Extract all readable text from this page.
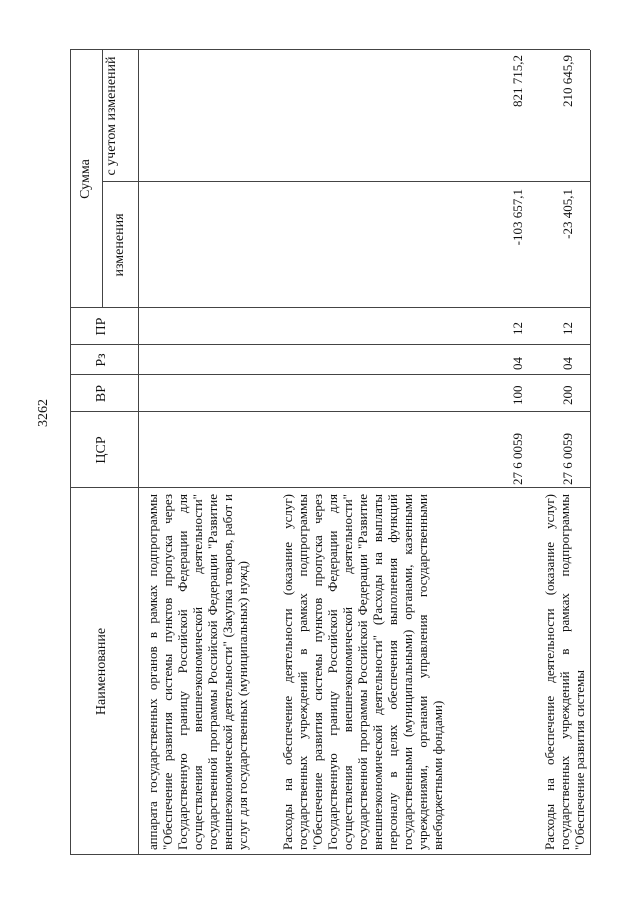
3262
Наименование
ЦСР
ВР
Рз
ПР
Сумма
изменения
с учетом изменений
аппарата государственных органов в рамках подпрограммы "Обеспечение развития системы пунктов пропуска через Государственную границу Российской Федерации для осуществления внешнеэкономической деятельности" государственной программы Российской Федерации "Развитие внешнеэкономической деятельности" (Закупка товаров, работ и услуг для государственных (муниципальных) нужд) Расходы на обеспечение деятельности (оказание услуг) государственных учреждений в рамках подпрограммы "Обеспечение развития системы пунктов пропуска через Государственную границу Российской Федерации для осуществления внешнеэкономической деятельности" государственной программы Российской Федерации "Развитие внешнеэкономической деятельности" (Расходы на выплаты персоналу в целях обеспечения выполнения функций государственными (муниципальными) органами, казенными учреждениями, органами управления государственными внебюджетными фондами)
27 6 0059
100
04
12
-103 657,1
821 715,2
Расходы на обеспечение деятельности (оказание услуг) государственных учреждений в рамках подпрограммы "Обеспечение развития системы
27 6 0059
200
04
12
-23 405,1
210 645,9
